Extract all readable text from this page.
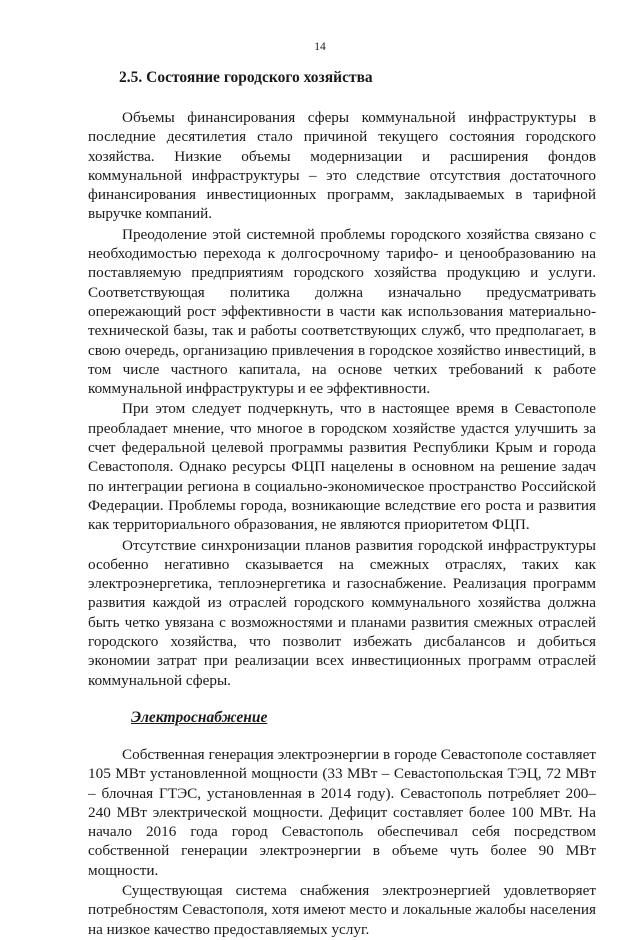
14
2.5. Состояние городского хозяйства

Объемы финансирования сферы коммунальной инфраструктуры в последние десятилетия стало причиной текущего состояния городского хозяйства. Низкие объемы модернизации и расширения фондов коммунальной инфраструктуры – это следствие отсутствия достаточного финансирования инвестиционных программ, закладываемых в тарифной выручке компаний.

Преодоление этой системной проблемы городского хозяйства связано с необходимостью перехода к долгосрочному тарифо- и ценообразованию на поставляемую предприятиям городского хозяйства продукцию и услуги. Соответствующая политика должна изначально предусматривать опережающий рост эффективности в части как использования материально-технической базы, так и работы соответствующих служб, что предполагает, в свою очередь, организацию привлечения в городское хозяйство инвестиций, в том числе частного капитала, на основе четких требований к работе коммунальной инфраструктуры и ее эффективности.

При этом следует подчеркнуть, что в настоящее время в Севастополе преобладает мнение, что многое в городском хозяйстве удастся улучшить за счет федеральной целевой программы развития Республики Крым и города Севастополя. Однако ресурсы ФЦП нацелены в основном на решение задач по интеграции региона в социально-экономическое пространство Российской Федерации. Проблемы города, возникающие вследствие его роста и развития как территориального образования, не являются приоритетом ФЦП.

Отсутствие синхронизации планов развития городской инфраструктуры особенно негативно сказывается на смежных отраслях, таких как электроэнергетика, теплоэнергетика и газоснабжение. Реализация программ развития каждой из отраслей городского коммунального хозяйства должна быть четко увязана с возможностями и планами развития смежных отраслей городского хозяйства, что позволит избежать дисбалансов и добиться экономии затрат при реализации всех инвестиционных программ отраслей коммунальной сферы.

Электроснабжение

Собственная генерация электроэнергии в городе Севастополе составляет 105 МВт установленной мощности (33 МВт – Севастопольская ТЭЦ, 72 МВт – блочная ГТЭС, установленная в 2014 году). Севастополь потребляет 200–240 МВт электрической мощности. Дефицит составляет более 100 МВт. На начало 2016 года город Севастополь обеспечивал себя посредством собственной генерации электроэнергии в объеме чуть более 90 МВт мощности.

Существующая система снабжения электроэнергией удовлетворяет потребностям Севастополя, хотя имеют место и локальные жалобы населения на низкое качество предоставляемых услуг.
